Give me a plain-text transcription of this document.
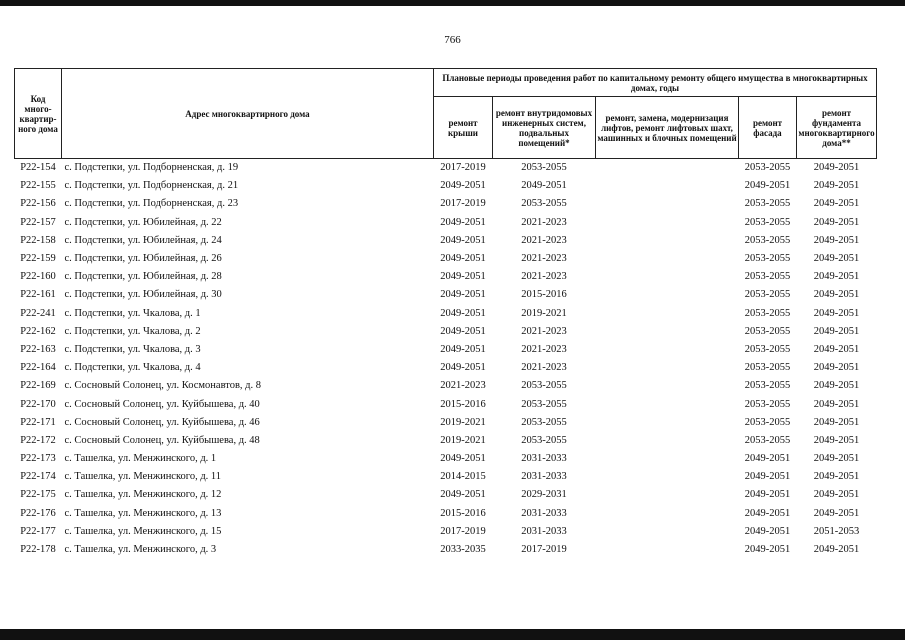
766
Код много-квартир-ного дома	Адрес многоквартирного дома	Плановые периоды проведения работ по капитальному ремонту общего имущества в многоквартирных домах, годы				
		ремонт крыши	ремонт внутридомовых инженерных систем, подвальных помещений*	ремонт, замена, модернизация лифтов, ремонт лифтовых шахт, машинных и блочных помещений	ремонт фасада	ремонт фундамента многоквартирного дома**
Р22-154	с. Подстепки, ул. Подборненская, д. 19	2017-2019	2053-2055		2053-2055	2049-2051
Р22-155	с. Подстепки, ул. Подборненская, д. 21	2049-2051	2049-2051		2049-2051	2049-2051
Р22-156	с. Подстепки, ул. Подборненская, д. 23	2017-2019	2053-2055		2053-2055	2049-2051
Р22-157	с. Подстепки, ул. Юбилейная, д. 22	2049-2051	2021-2023		2053-2055	2049-2051
Р22-158	с. Подстепки, ул. Юбилейная, д. 24	2049-2051	2021-2023		2053-2055	2049-2051
Р22-159	с. Подстепки, ул. Юбилейная, д. 26	2049-2051	2021-2023		2053-2055	2049-2051
Р22-160	с. Подстепки, ул. Юбилейная, д. 28	2049-2051	2021-2023		2053-2055	2049-2051
Р22-161	с. Подстепки, ул. Юбилейная, д. 30	2049-2051	2015-2016		2053-2055	2049-2051
Р22-241	с. Подстепки, ул. Чкалова, д. 1	2049-2051	2019-2021		2053-2055	2049-2051
Р22-162	с. Подстепки, ул. Чкалова, д. 2	2049-2051	2021-2023		2053-2055	2049-2051
Р22-163	с. Подстепки, ул. Чкалова, д. 3	2049-2051	2021-2023		2053-2055	2049-2051
Р22-164	с. Подстепки, ул. Чкалова, д. 4	2049-2051	2021-2023		2053-2055	2049-2051
Р22-169	с. Сосновый Солонец, ул. Космонавтов, д. 8	2021-2023	2053-2055		2053-2055	2049-2051
Р22-170	с. Сосновый Солонец, ул. Куйбышева, д. 40	2015-2016	2053-2055		2053-2055	2049-2051
Р22-171	с. Сосновый Солонец, ул. Куйбышева, д. 46	2019-2021	2053-2055		2053-2055	2049-2051
Р22-172	с. Сосновый Солонец, ул. Куйбышева, д. 48	2019-2021	2053-2055		2053-2055	2049-2051
Р22-173	с. Ташелка, ул. Менжинского, д. 1	2049-2051	2031-2033		2049-2051	2049-2051
Р22-174	с. Ташелка, ул. Менжинского, д. 11	2014-2015	2031-2033		2049-2051	2049-2051
Р22-175	с. Ташелка, ул. Менжинского, д. 12	2049-2051	2029-2031		2049-2051	2049-2051
Р22-176	с. Ташелка, ул. Менжинского, д. 13	2015-2016	2031-2033		2049-2051	2049-2051
Р22-177	с. Ташелка, ул. Менжинского, д. 15	2017-2019	2031-2033		2049-2051	2051-2053
Р22-178	с. Ташелка, ул. Менжинского, д. 3	2033-2035	2017-2019		2049-2051	2049-2051
